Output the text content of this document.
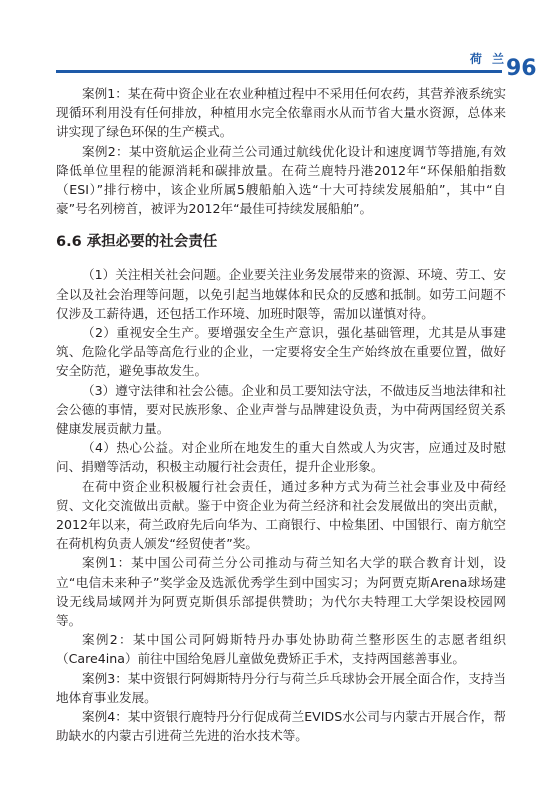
荷 兰 96

案例1：某在荷中资企业在农业种植过程中不采用任何农药，其营养液系统实现循环利用没有任何排放，种植用水完全依靠雨水从而节省大量水资源，总体来讲实现了绿色环保的生产模式。

案例2：某中资航运企业荷兰公司通过航线优化设计和速度调节等措施,有效降低单位里程的能源消耗和碳排放量。在荷兰鹿特丹港2012年“环保船舶指数（ESI）”排行榜中，该企业所属5艘船舶入选“十大可持续发展船舶”，其中“自豪”号名列榜首，被评为2012年“最佳可持续发展船舶”。

6.6 承担必要的社会责任

（1）关注相关社会问题。企业要关注业务发展带来的资源、环境、劳工、安全以及社会治理等问题，以免引起当地媒体和民众的反感和抵制。如劳工问题不仅涉及工薪待遇，还包括工作环境、加班时限等，需加以谨慎对待。

（2）重视安全生产。要增强安全生产意识，强化基础管理，尤其是从事建筑、危险化学品等高危行业的企业，一定要将安全生产始终放在重要位置，做好安全防范，避免事故发生。

（3）遵守法律和社会公德。企业和员工要知法守法，不做违反当地法律和社会公德的事情，要对民族形象、企业声誉与品牌建设负责，为中荷两国经贸关系健康发展贡献力量。

（4）热心公益。对企业所在地发生的重大自然或人为灾害，应通过及时慰问、捐赠等活动，积极主动履行社会责任，提升企业形象。

在荷中资企业积极履行社会责任，通过多种方式为荷兰社会事业及中荷经贸、文化交流做出贡献。鉴于中资企业为荷兰经济和社会发展做出的突出贡献，2012年以来，荷兰政府先后向华为、工商银行、中检集团、中国银行、南方航空在荷机构负责人颁发“经贸使者”奖。

案例1：某中国公司荷兰分公司推动与荷兰知名大学的联合教育计划，设立“电信未来种子”奖学金及选派优秀学生到中国实习；为阿贾克斯Arena球场建设无线局域网并为阿贾克斯俱乐部提供赞助；为代尔夫特理工大学架设校园网等。

案例2：某中国公司阿姆斯特丹办事处协助荷兰整形医生的志愿者组织（Care4ina）前往中国给兔唇儿童做免费矫正手术，支持两国慈善事业。

案例3：某中资银行阿姆斯特丹分行与荷兰乒乓球协会开展全面合作，支持当地体育事业发展。

案例4：某中资银行鹿特丹分行促成荷兰EVIDS水公司与内蒙古开展合作，帮助缺水的内蒙古引进荷兰先进的治水技术等。
